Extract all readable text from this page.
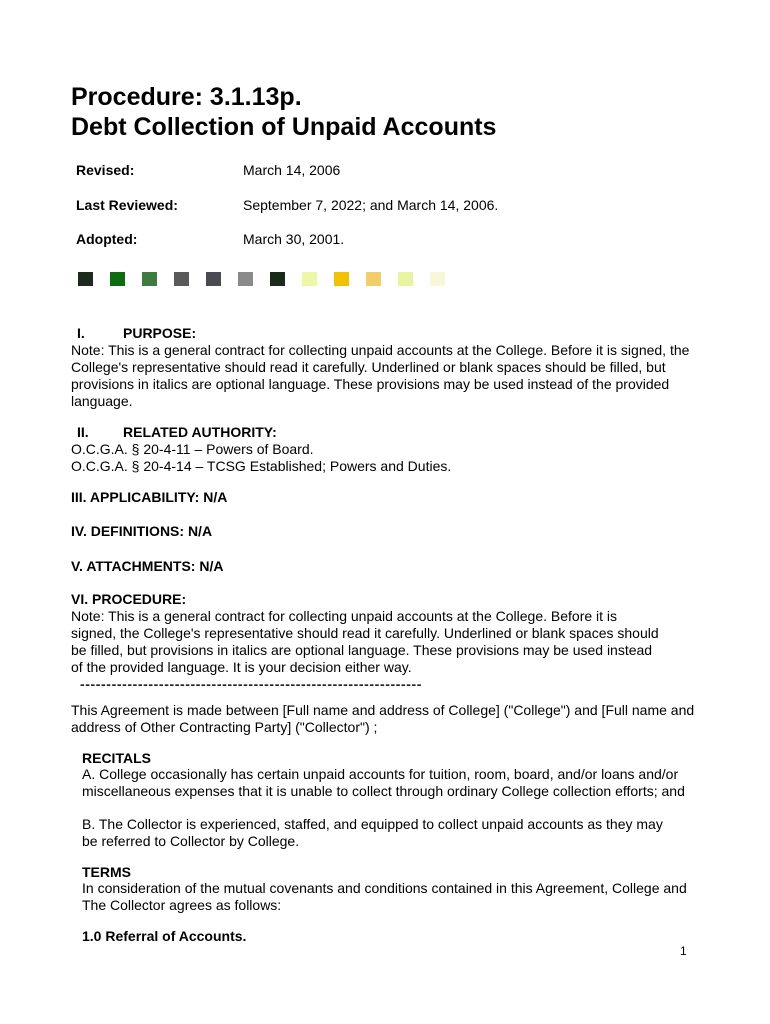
Procedure: 3.1.13p.
Debt Collection of Unpaid Accounts
Revised:	March 14, 2006
Last Reviewed:	September 7, 2022; and March 14, 2006.
Adopted:	March 30, 2001.
I.	PURPOSE:
Note: This is a general contract for collecting unpaid accounts at the College. Before it is signed, the
College's representative should read it carefully. Underlined or blank spaces should be filled, but
provisions in italics are optional language. These provisions may be used instead of the provided
language.
II. RELATED AUTHORITY:
O.C.G.A. § 20-4-11 – Powers of Board.
O.C.G.A. § 20-4-14 – TCSG Established; Powers and Duties.
III. APPLICABILITY: N/A
IV. DEFINITIONS: N/A
V. ATTACHMENTS: N/A
VI. PROCEDURE:
Note: This is a general contract for collecting unpaid accounts at the College. Before it is
signed, the College's representative should read it carefully. Underlined or blank spaces should
be filled, but provisions in italics are optional language. These provisions may be used instead
of the provided language. It is your decision either way.
-----------------------------------------------------------------
This Agreement is made between [Full name and address of College] ("College") and [Full name and
address of Other Contracting Party] ("Collector") ;
RECITALS
A. College occasionally has certain unpaid accounts for tuition, room, board, and/or loans and/or
miscellaneous expenses that it is unable to collect through ordinary College collection efforts; and
B. The Collector is experienced, staffed, and equipped to collect unpaid accounts as they may
be referred to Collector by College.
TERMS
In consideration of the mutual covenants and conditions contained in this Agreement, College and
The Collector agrees as follows:
1.0 Referral of Accounts.
1
